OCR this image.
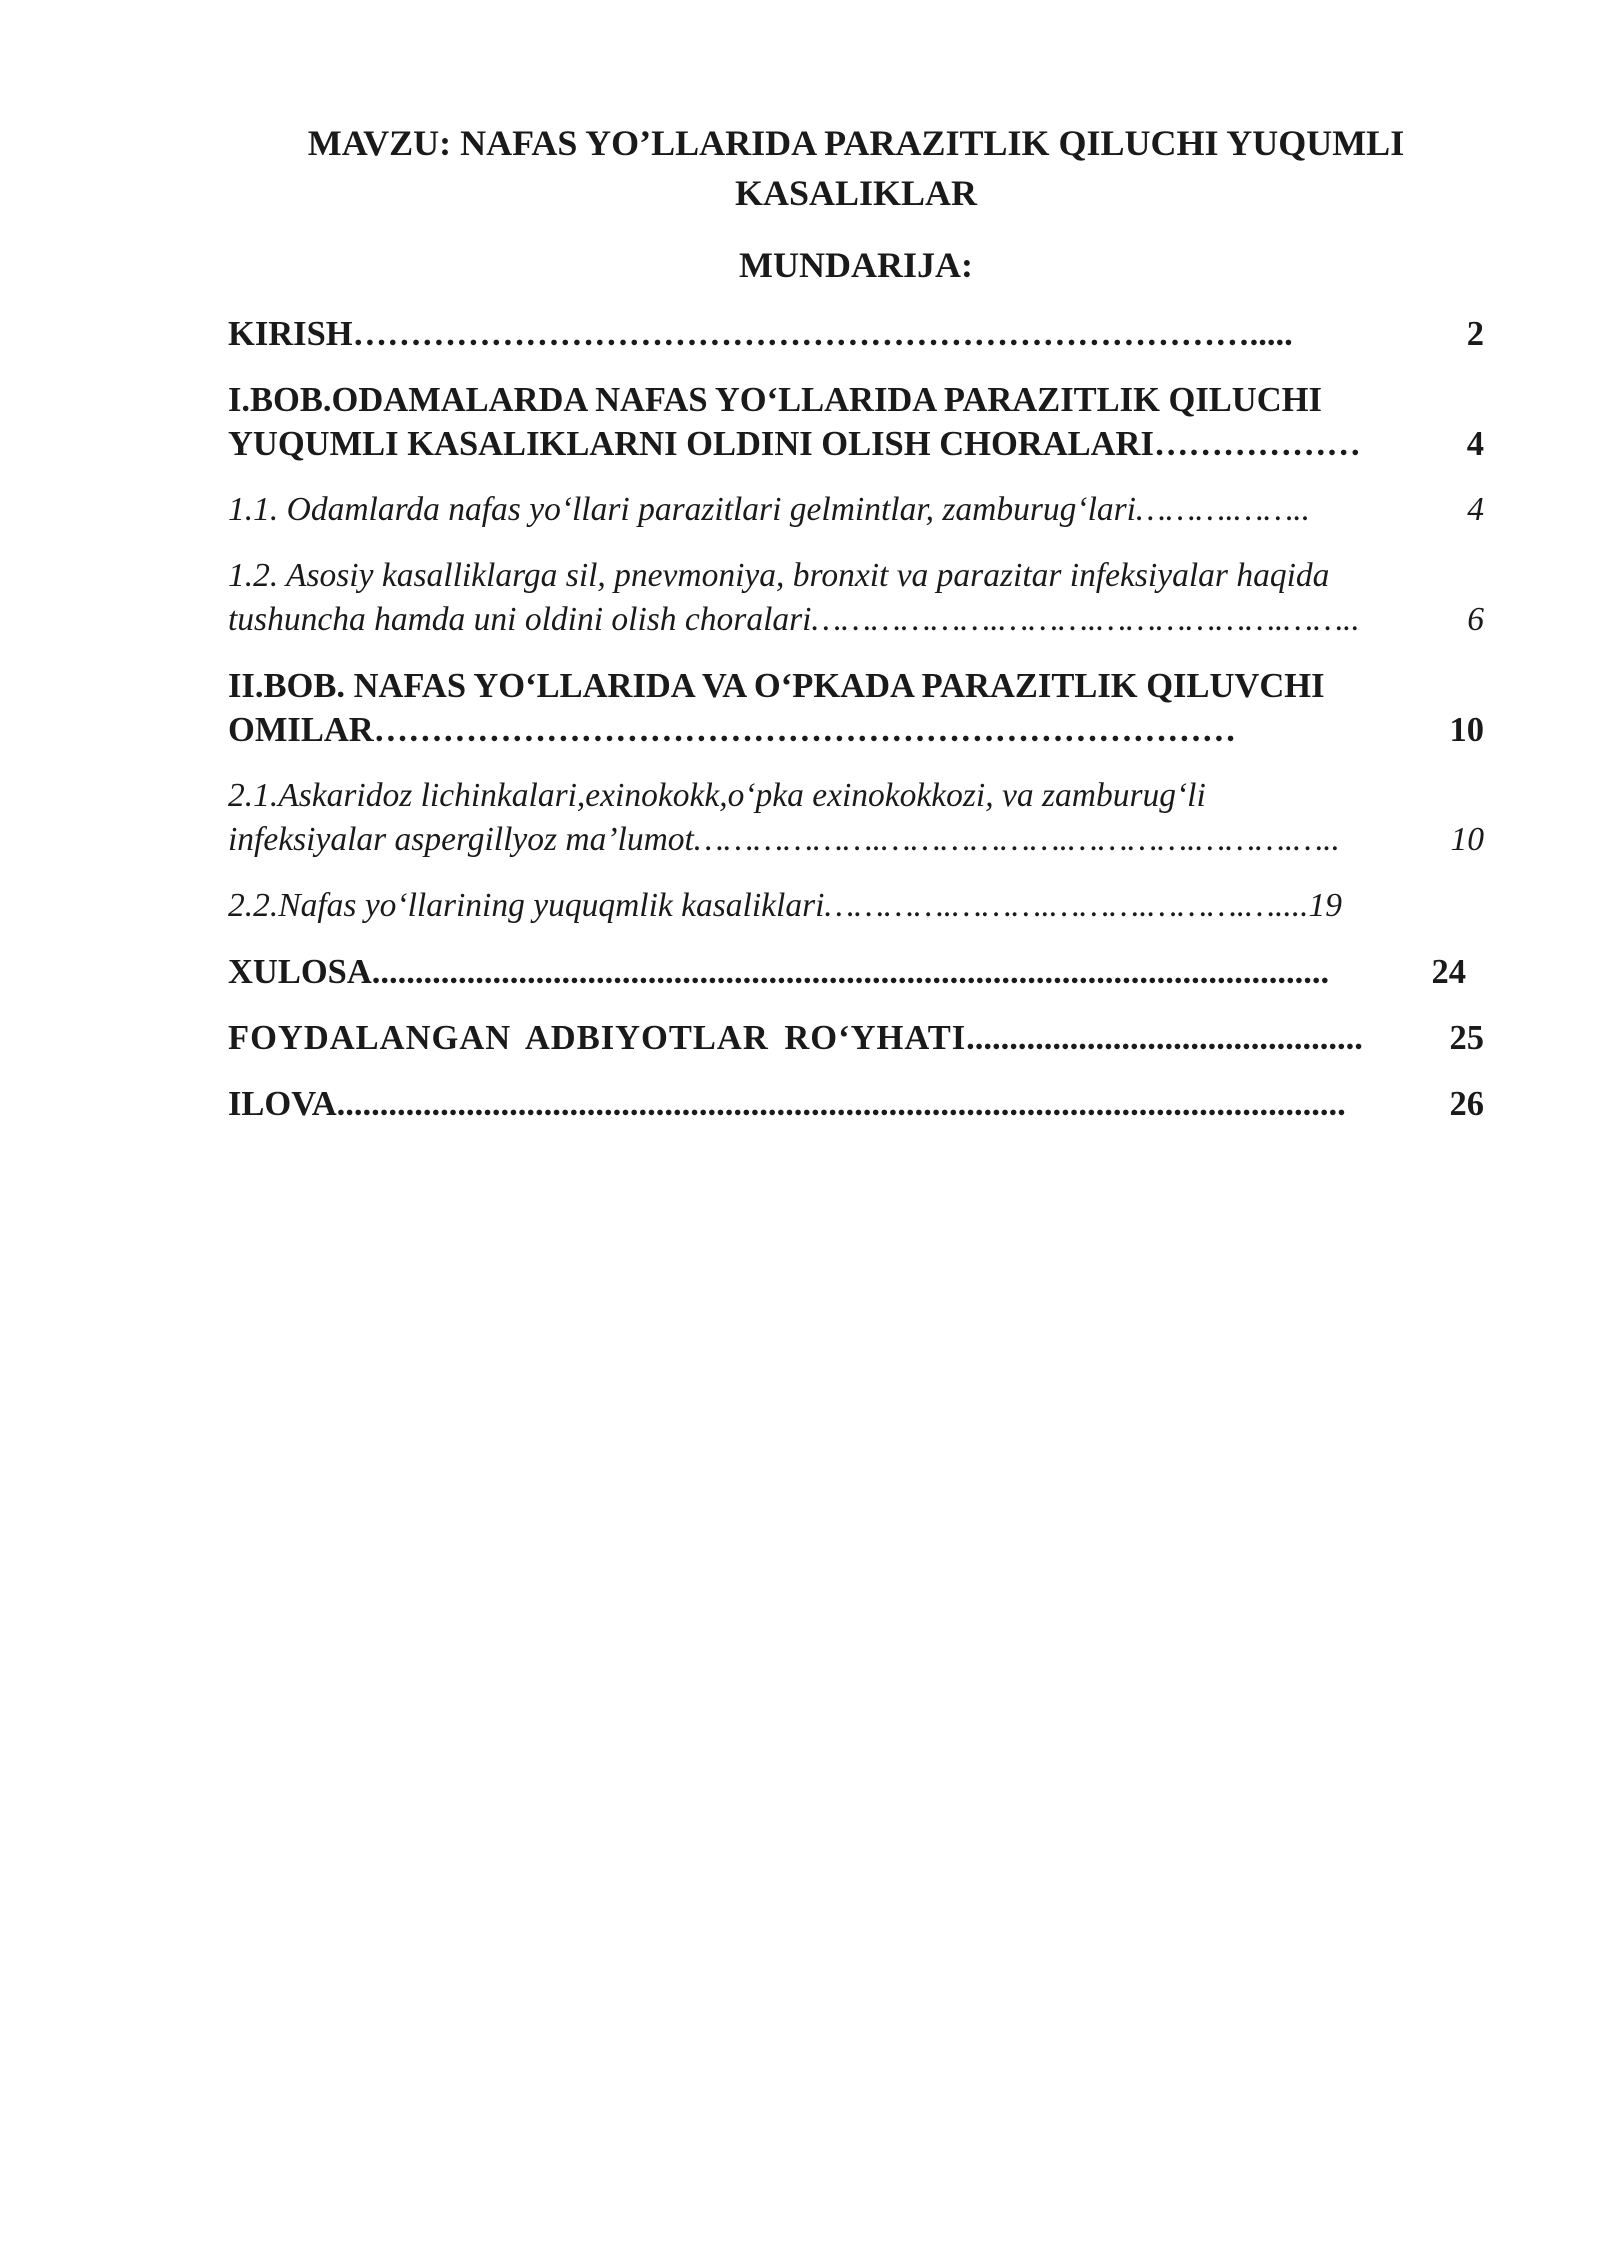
MAVZU: NAFAS YO’LLARIDA PARAZITLIK QILUCHI YUQUMLI KASALIKLAR
MUNDARIJA:
KIRISH …………………………………………………………………….....	2
I.BOB.ODAMALARDA NAFAS YO‘LLARIDA PARAZITLIK QILUCHI
YUQUMLI KASALIKLARNI OLDINI OLISH CHORALARI ………………	4
1.1. Odamlarda nafas yo‘llari parazitlari gelmintlar, zamburug‘lari ……….……..	4
1.2. Asosiy kasalliklarga sil, pnevmoniya, bronxit va parazitar infeksiyalar haqida
tushuncha hamda uni oldini olish choralari ……………….……….……………….……..	6
II.BOB. NAFAS YO‘LLARIDA VA O‘PKADA PARAZITLIK QILUVCHI
OMILAR …………………………………………………………………	10
2.1.Askaridoz lichinkalari,exinokokk,o‘pka exinokokkozi, va zamburug‘li
infeksiyalar aspergillyoz ma’lumot ……………….……………….………….……….…..	10
2.2.Nafas yo‘llarining yuquqmlik kasaliklari………….……….……….……….…....19
XULOSA ...............................................................................................................	24
FOYDALANGAN ADBIYOTLAR RO‘YHATI ..............................................	25
ILOVA .....................................................................................................................	26
